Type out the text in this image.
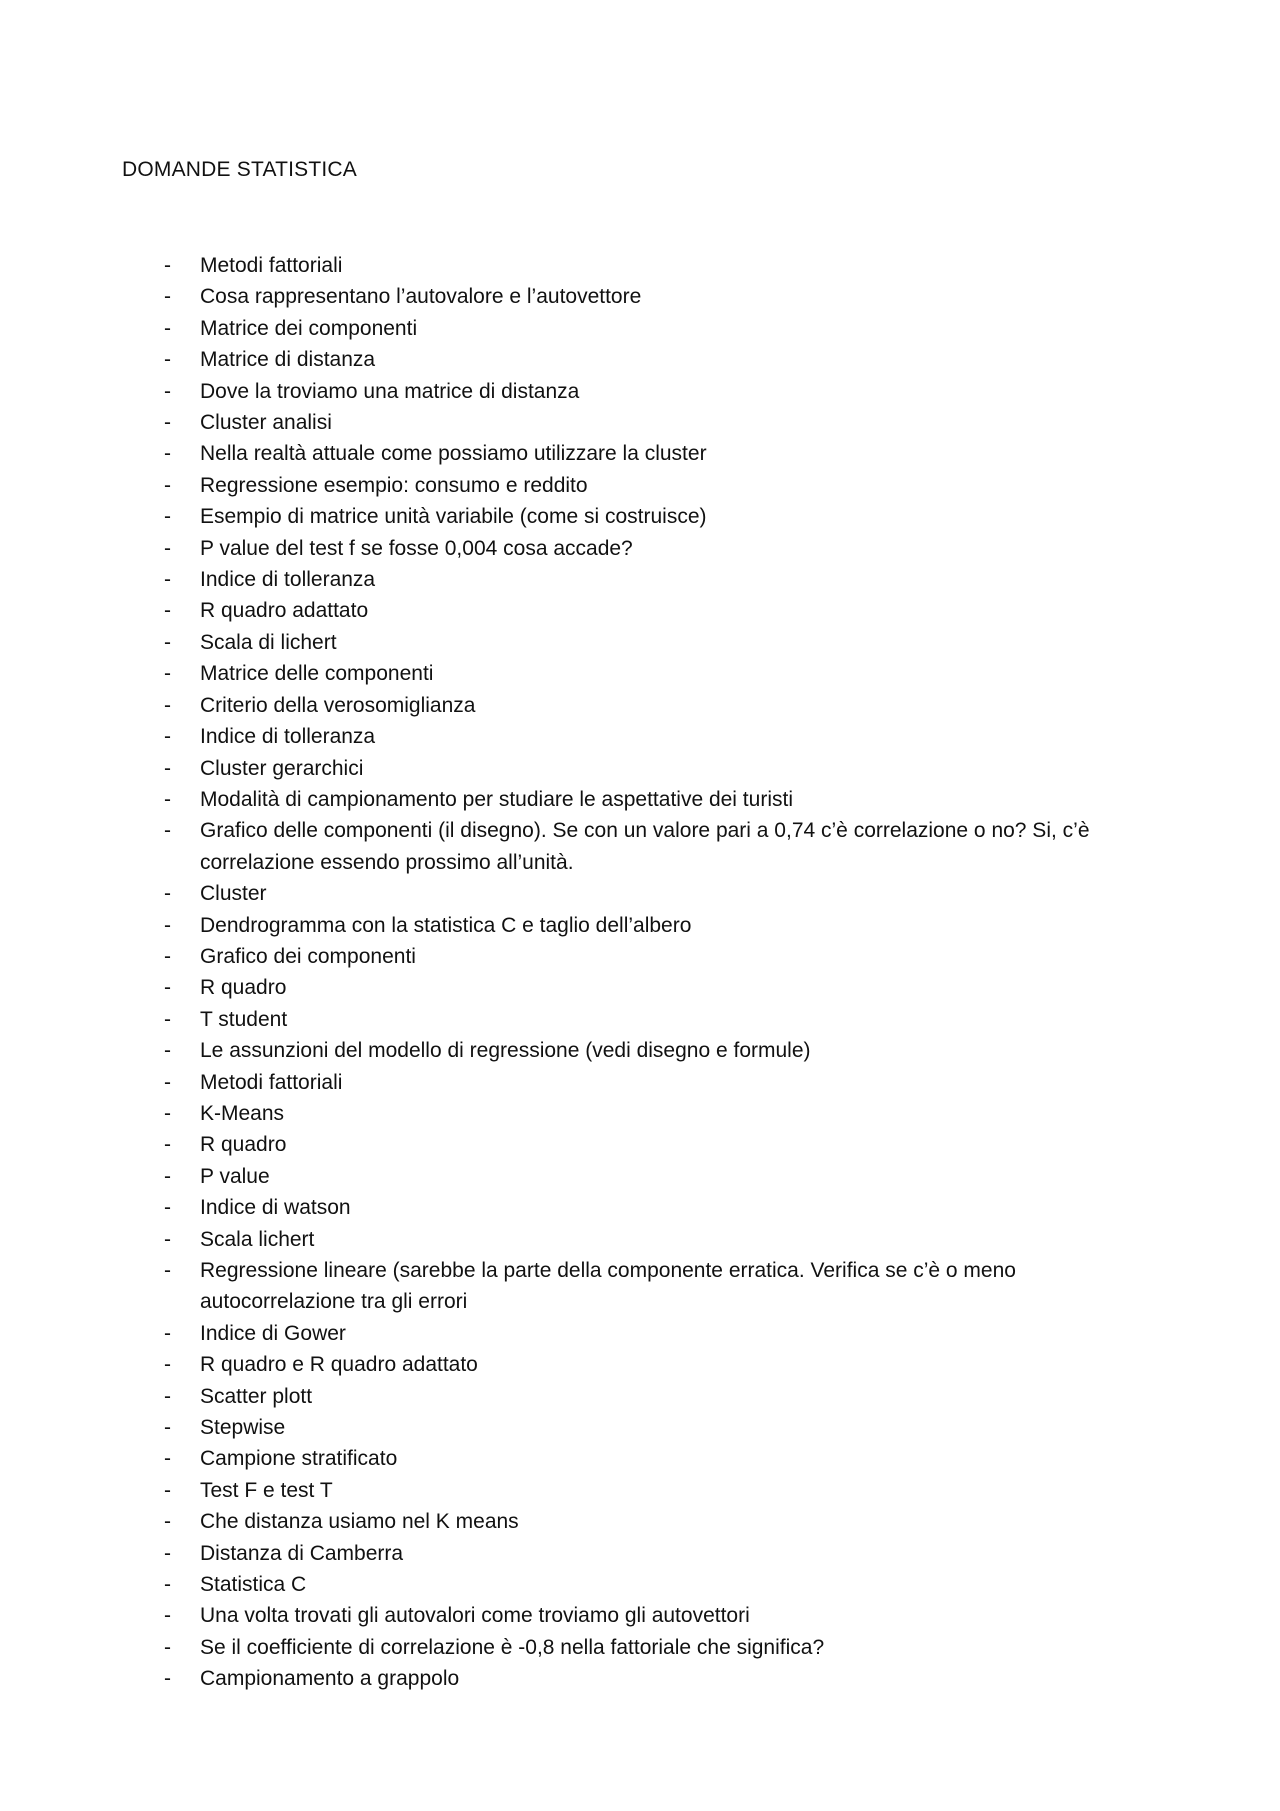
DOMANDE STATISTICA
-	Metodi fattoriali
-	Cosa rappresentano l’autovalore e l’autovettore
-	Matrice dei componenti
-	Matrice di distanza
-	Dove la troviamo una matrice di distanza
-	Cluster analisi
-	Nella realtà attuale come possiamo utilizzare la cluster
-	Regressione esempio: consumo e reddito
-	Esempio di matrice unità variabile (come si costruisce)
-	P value del test f se fosse 0,004 cosa accade?
-	Indice di tolleranza
-	R quadro adattato
-	Scala di lichert
-	Matrice delle componenti
-	Criterio della verosomiglianza
-	Indice di tolleranza
-	Cluster gerarchici
-	Modalità di campionamento per studiare le aspettative dei turisti
-	Grafico delle componenti (il disegno). Se con un valore pari a 0,74 c’è correlazione o no? Si, c’è correlazione essendo prossimo all’unità.
-	Cluster
-	Dendrogramma con la statistica C e taglio dell’albero
-	Grafico dei componenti
-	R quadro
-	T student
-	Le assunzioni del modello di regressione (vedi disegno e formule)
-	Metodi fattoriali
-	K-Means
-	R quadro
-	P value
-	Indice di watson
-	Scala lichert
-	Regressione lineare (sarebbe la parte della componente erratica. Verifica se c’è o meno autocorrelazione tra gli errori
-	Indice di Gower
-	R quadro e R quadro adattato
-	Scatter plott
-	Stepwise
-	Campione stratificato
-	Test F e test T
-	Che distanza usiamo nel K means
-	Distanza di Camberra
-	Statistica C
-	Una volta trovati gli autovalori come troviamo gli autovettori
-	Se il coefficiente di correlazione è -0,8 nella fattoriale che significa?
-	Campionamento a grappolo
